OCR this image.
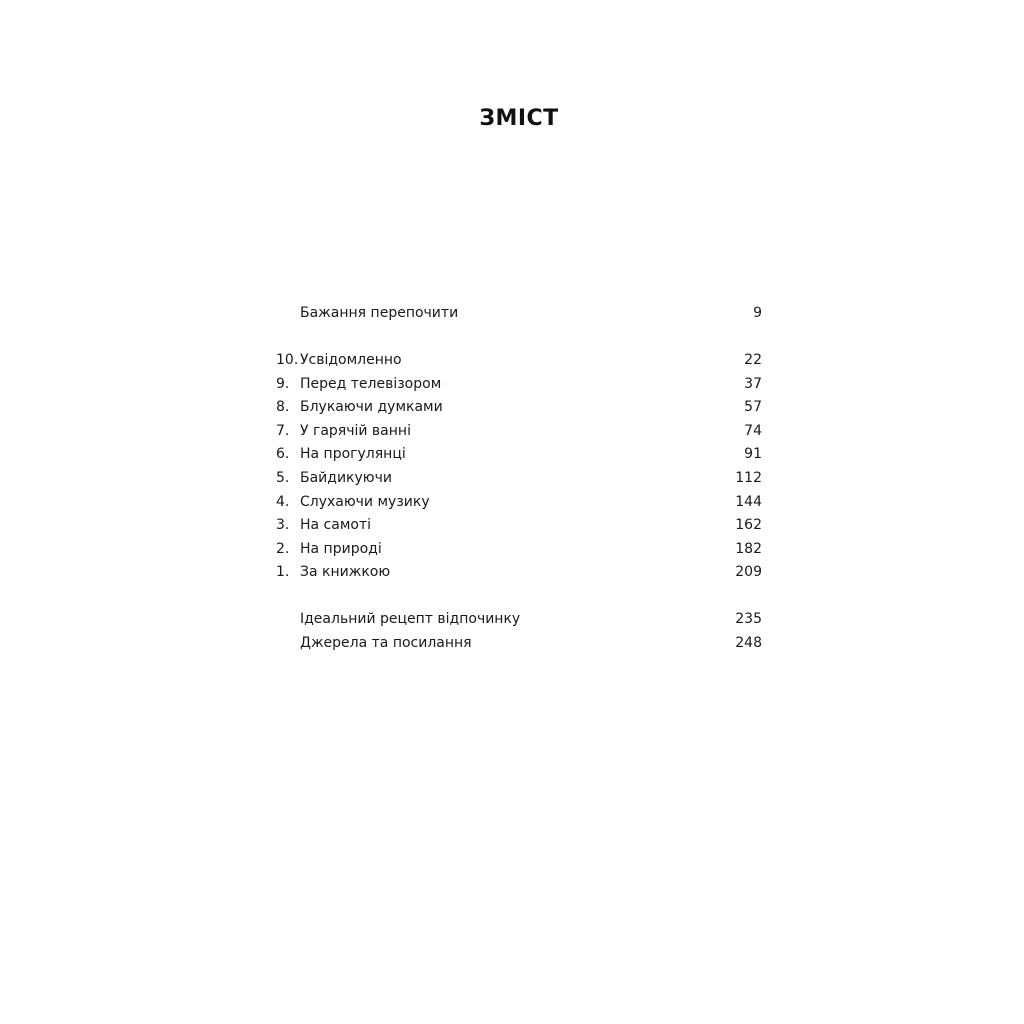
ЗМІСТ
Бажання перепочити	9
10. Усвідомленно	22
9. Перед телевізором	37
8. Блукаючи думками	57
7. У гарячій ванні	74
6. На прогулянці	91
5. Байдикуючи	112
4. Слухаючи музику	144
3. На самоті	162
2. На природі	182
1. За книжкою	209
Ідеальний рецепт відпочинку	235
Джерела та посилання	248
